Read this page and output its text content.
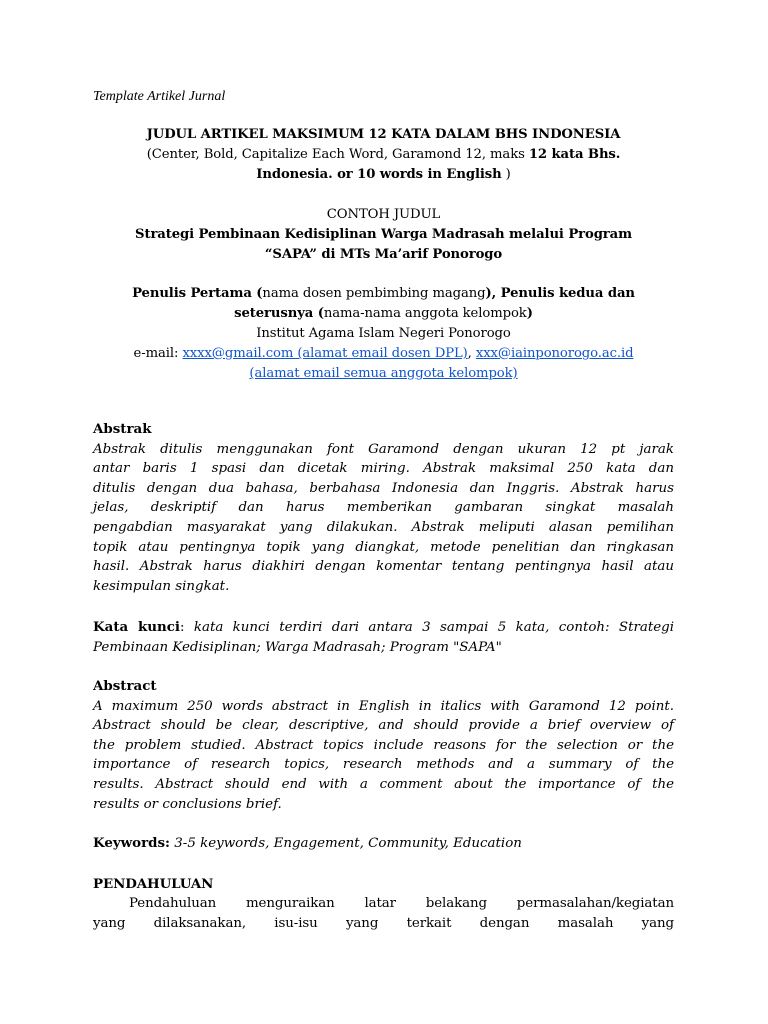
Template Artikel Jurnal
JUDUL ARTIKEL MAKSIMUM 12 KATA DALAM BHS INDONESIA
(Center, Bold, Capitalize Each Word, Garamond 12, maks 12 kata Bhs.
Indonesia. or 10 words in English )
CONTOH JUDUL
Strategi Pembinaan Kedisiplinan Warga Madrasah melalui Program
“SAPA” di MTs Ma’arif Ponorogo
Penulis Pertama (nama dosen pembimbing magang), Penulis kedua dan
seterusnya (nama-nama anggota kelompok)
Institut Agama Islam Negeri Ponorogo
e-mail: xxxx@gmail.com (alamat email dosen DPL), xxx@iainponorogo.ac.id
(alamat email semua anggota kelompok)
Abstrak
Abstrak ditulis menggunakan font Garamond dengan ukuran 12 pt jarak
antar baris 1 spasi dan dicetak miring. Abstrak maksimal 250 kata dan
ditulis dengan dua bahasa, berbahasa Indonesia dan Inggris. Abstrak harus
jelas, deskriptif dan harus memberikan gambaran singkat masalah
pengabdian masyarakat yang dilakukan. Abstrak meliputi alasan pemilihan
topik atau pentingnya topik yang diangkat, metode penelitian dan ringkasan
hasil. Abstrak harus diakhiri dengan komentar tentang pentingnya hasil atau
kesimpulan singkat.
Kata kunci: kata kunci terdiri dari antara 3 sampai 5 kata, contoh: Strategi
Pembinaan Kedisiplinan; Warga Madrasah; Program "SAPA"
Abstract
A maximum 250 words abstract in English in italics with Garamond 12 point.
Abstract should be clear, descriptive, and should provide a brief overview of
the problem studied. Abstract topics include reasons for the selection or the
importance of research topics, research methods and a summary of the
results. Abstract should end with a comment about the importance of the
results or conclusions brief.
Keywords: 3-5 keywords, Engagement, Community, Education
PENDAHULUAN
Pendahuluan menguraikan latar belakang permasalahan/kegiatan
yang dilaksanakan, isu-isu yang terkait dengan masalah yang
